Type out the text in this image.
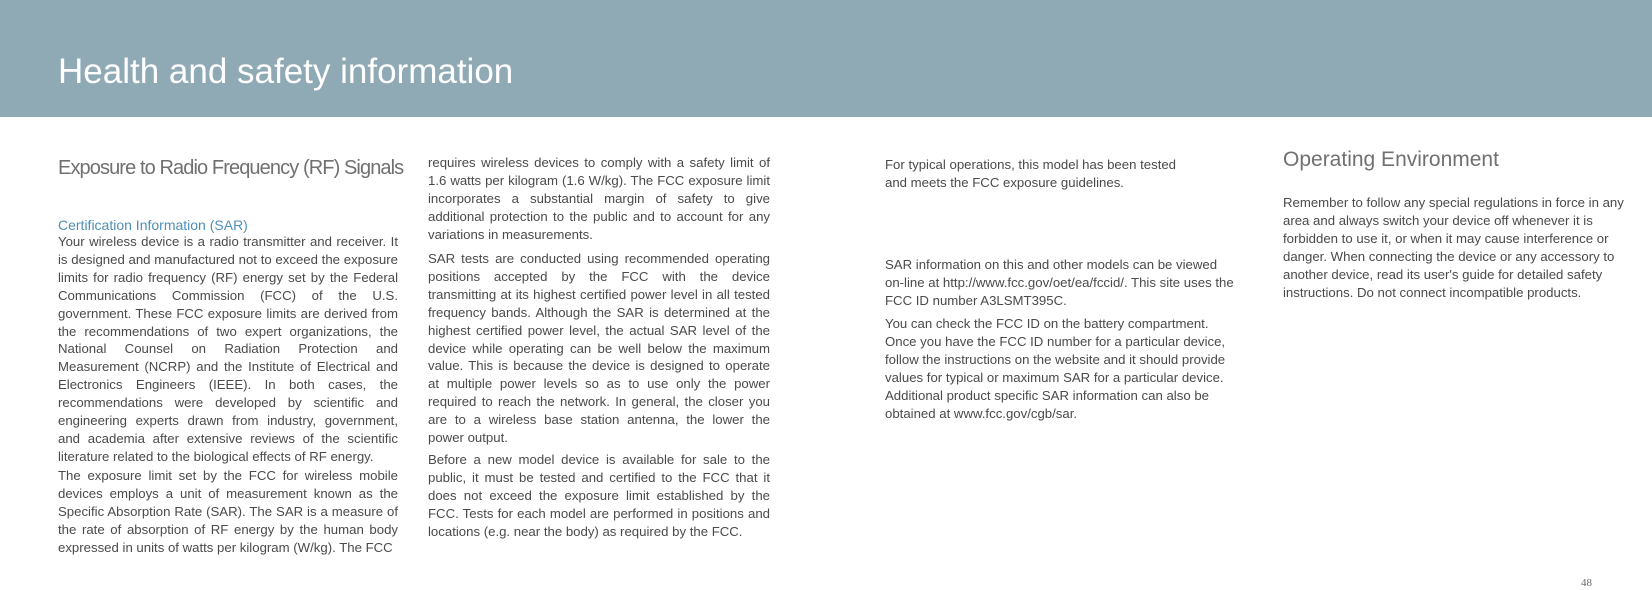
Health and safety information
Exposure to Radio Frequency (RF) Signals
Certification Information (SAR)

Your wireless device is a radio transmitter and receiver. It is designed and manufactured not to exceed the exposure limits for radio frequency (RF) energy set by the Federal Communications Commission (FCC) of the U.S. government. These FCC exposure limits are derived from the recommendations of two expert organizations, the National Counsel on Radiation Protection and Measurement (NCRP) and the Institute of Electrical and Electronics Engineers (IEEE). In both cases, the recommendations were developed by scientific and engineering experts drawn from industry, government, and academia after extensive reviews of the scientific literature related to the biological effects of RF energy.

The exposure limit set by the FCC for wireless mobile devices employs a unit of measurement known as the Specific Absorption Rate (SAR). The SAR is a measure of the rate of absorption of RF energy by the human body expressed in units of watts per kilogram (W/kg). The FCC

requires wireless devices to comply with a safety limit of 1.6 watts per kilogram (1.6 W/kg). The FCC exposure limit incorporates a substantial margin of safety to give additional protection to the public and to account for any variations in measurements.

SAR tests are conducted using recommended operating positions accepted by the FCC with the device transmitting at its highest certified power level in all tested frequency bands. Although the SAR is determined at the highest certified power level, the actual SAR level of the device while operating can be well below the maximum value. This is because the device is designed to operate at multiple power levels so as to use only the power required to reach the network. In general, the closer you are to a wireless base station antenna, the lower the power output.

Before a new model device is available for sale to the public, it must be tested and certified to the FCC that it does not exceed the exposure limit established by the FCC. Tests for each model are performed in positions and locations (e.g. near the body) as required by the FCC.

For typical operations, this model has been tested and meets the FCC exposure guidelines.

SAR information on this and other models can be viewed on-line at http://www.fcc.gov/oet/ea/fccid/. This site uses the FCC ID number A3LSMT395C.

You can check the FCC ID on the battery compartment. Once you have the FCC ID number for a particular device, follow the instructions on the website and it should provide values for typical or maximum SAR for a particular device. Additional product specific SAR information can also be obtained at www.fcc.gov/cgb/sar.

Operating Environment

Remember to follow any special regulations in force in any area and always switch your device off whenever it is forbidden to use it, or when it may cause interference or danger. When connecting the device or any accessory to another device, read its user's guide for detailed safety instructions. Do not connect incompatible products.

48
